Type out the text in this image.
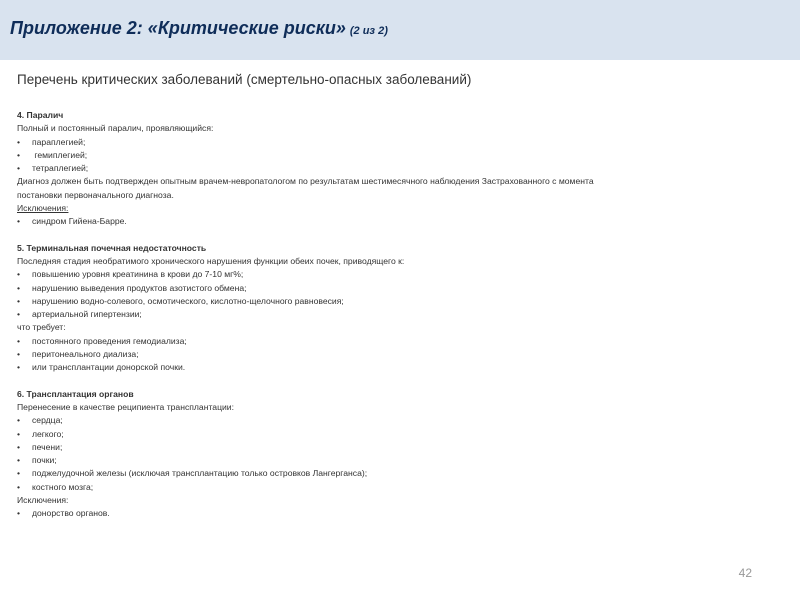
Приложение 2: «Критические риски» (2 из 2)
Перечень критических заболеваний (смертельно-опасных заболеваний)
4. Паралич
Полный и постоянный паралич, проявляющийся:
• параплегией;
• гемиплегией;
• тетраплегией;
Диагноз должен быть подтвержден опытным врачем-невропатологом по результатам шестимесячного наблюдения Застрахованного с момента
постановки первоначального диагноза.
Исключения:
• синдром Гийена-Барре.
5. Терминальная почечная недостаточность
Последняя стадия необратимого хронического нарушения функции обеих почек, приводящего к:
• повышению уровня креатинина в крови до 7-10 мг%;
• нарушению выведения продуктов азотистого обмена;
• нарушению водно-солевого, осмотического, кислотно-щелочного равновесия;
• артериальной гипертензии;
что требует:
• постоянного проведения гемодиализа;
• перитонеального диализа;
• или трансплантации донорской почки.
6. Трансплантация органов
Перенесение в качестве реципиента трансплантации:
• сердца;
• легкого;
• печени;
• почки;
• поджелудочной железы (исключая трансплантацию только островков Лангерганса);
• костного мозга;
Исключения:
• донорство органов.
42
